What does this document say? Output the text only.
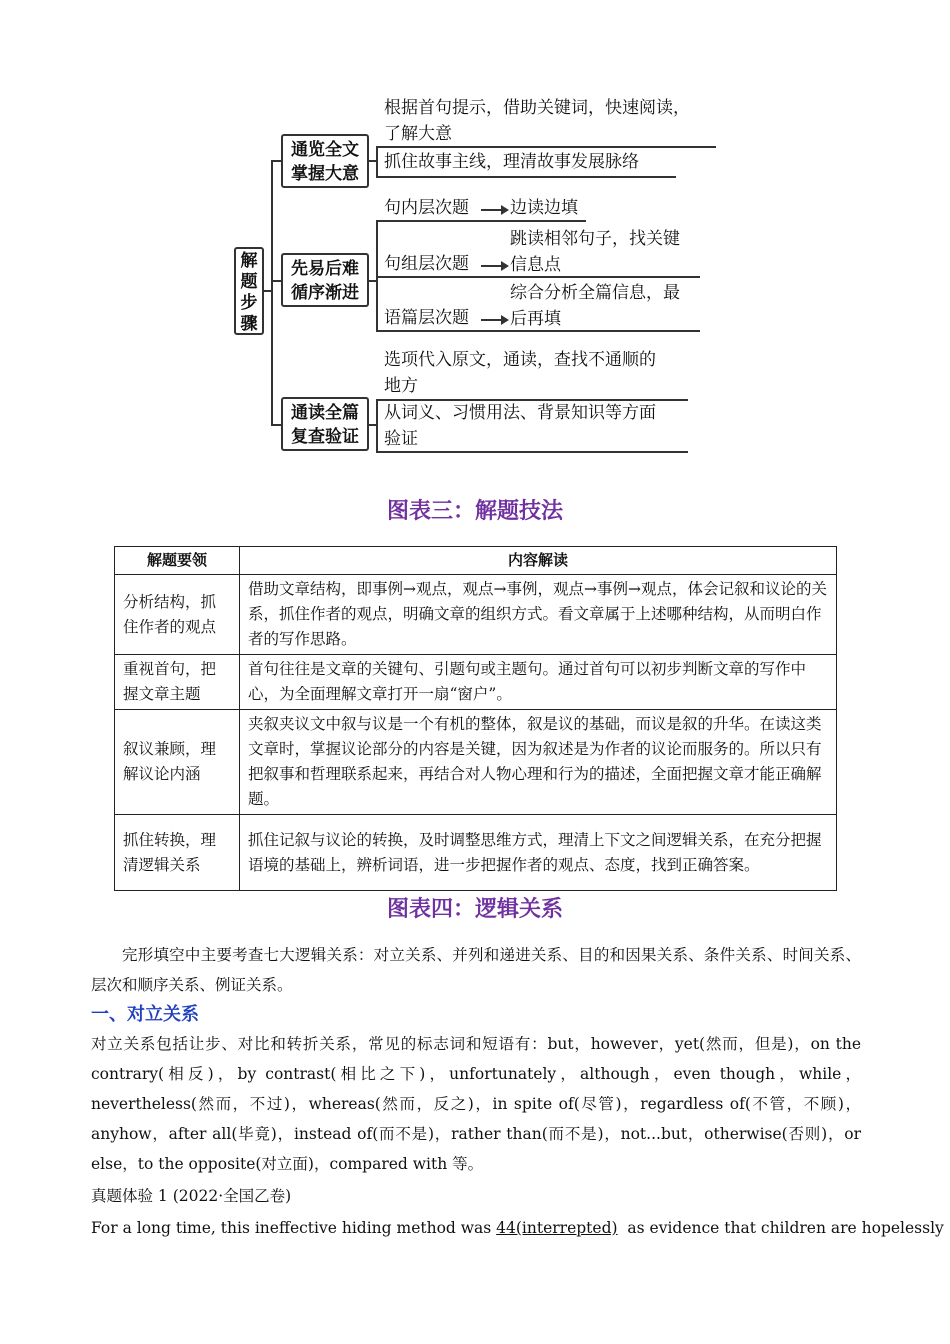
解题步骤
通览全文
掌握大意
根据首句提示，借助关键词，快速阅读，
了解大意
抓住故事主线，理清故事发展脉络
先易后难
循序渐进
句内层次题 边读边填
句组层次题
跳读相邻句子，找关键
信息点
语篇层次题
综合分析全篇信息，最
后再填
通读全篇
复查验证
选项代入原文，通读，查找不通顺的
地方
从词义、习惯用法、背景知识等方面
验证
图表三：解题技法
解题要领	内容解读
分析结构，抓住作者的观点	借助文章结构，即事例→观点，观点→事例，观点→事例→观点，体会记叙和议论的关系，抓住作者的观点，明确文章的组织方式。看文章属于上述哪种结构，从而明白作者的写作思路。
重视首句，把握文章主题	首句往往是文章的关键句、引题句或主题句。通过首句可以初步判断文章的写作中心，为全面理解文章打开一扇“窗户”。
叙议兼顾，理解议论内涵	夹叙夹议文中叙与议是一个有机的整体，叙是议的基础，而议是叙的升华。在读这类文章时，掌握议论部分的内容是关键，因为叙述是为作者的议论而服务的。所以只有把叙事和哲理联系起来，再结合对人物心理和行为的描述，全面把握文章才能正确解题。
抓住转换，理清逻辑关系	抓住记叙与议论的转换，及时调整思维方式，理清上下文之间逻辑关系，在充分把握语境的基础上，辨析词语，进一步把握作者的观点、态度，找到正确答案。
图表四：逻辑关系
完形填空中主要考查七大逻辑关系：对立关系、并列和递进关系、目的和因果关系、条件关系、时间关系、层次和顺序关系、例证关系。
一、对立关系
对立关系包括让步、对比和转折关系，常见的标志词和短语有：but，however，yet(然而，但是)，on the contrary(相反)，by contrast(相比之下)，unfortunately，although，even though，while，nevertheless(然而，不过)，whereas(然而，反之)，in spite of(尽管)，regardless of(不管，不顾)，anyhow，after all(毕竟)，instead of(而不是)，rather than(而不是)，not...but，otherwise(否则)，or else，to the opposite(对立面)，compared with 等。
真题体验 1 (2022·全国乙卷)
For a long time, this ineffective hiding method was 44(interrepted)  as evidence that children are hopelessly
